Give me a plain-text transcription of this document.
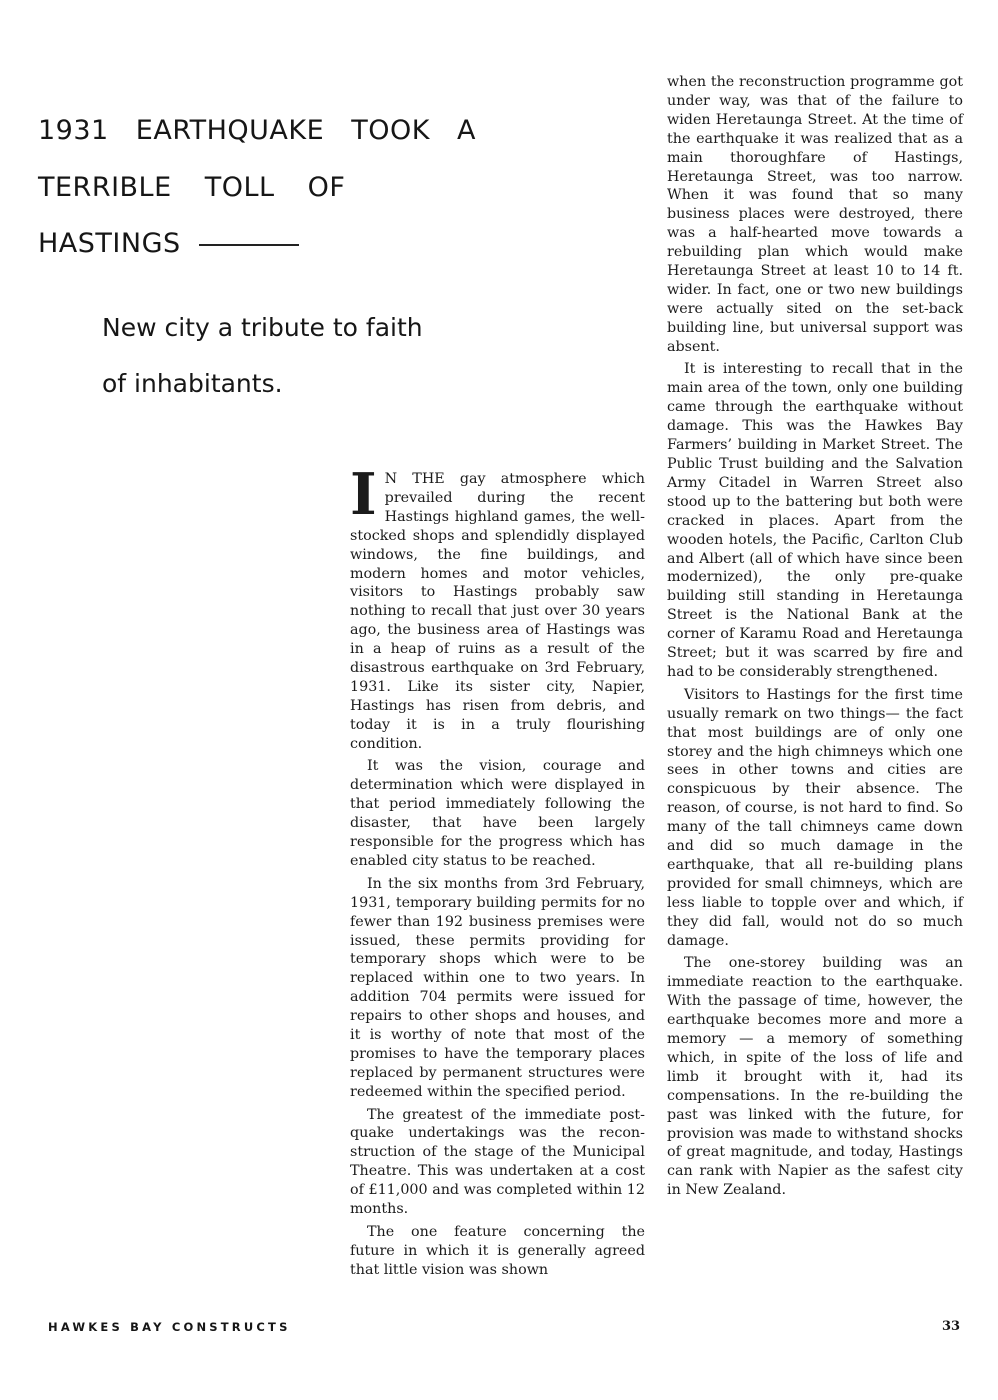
1931 EARTHQUAKE TOOK A
TERRIBLE TOLL OF
HASTINGS
New city a tribute to faith
of inhabitants.

I N THE gay atmosphere which prevailed during the recent Hastings highland games, the well-stocked shops and splendidly displayed windows, the fine buildings, and modern homes and motor vehicles, visitors to Hastings probably saw nothing to recall that just over 30 years ago, the business area of Hastings was in a heap of ruins as a result of the disastrous earthquake on 3rd February, 1931. Like its sister city, Napier, Hastings has risen from debris, and today it is in a truly flourishing condition.

It was the vision, courage and determination which were displayed in that period immediately following the disaster, that have been largely responsible for the progress which has enabled city status to be reached.

In the six months from 3rd February, 1931, temporary building permits for no fewer than 192 business premises were issued, these permits providing for temporary shops which were to be replaced within one to two years. In addition 704 permits were issued for repairs to other shops and houses, and it is worthy of note that most of the promises to have the temporary places replaced by permanent structures were redeemed within the specified period.

The greatest of the immediate post-quake undertakings was the reconstruction of the stage of the Municipal Theatre. This was undertaken at a cost of £11,000 and was completed within 12 months.

The one feature concerning the future in which it is generally agreed that little vision was shown

when the reconstruction programme got under way, was that of the failure to widen Heretaunga Street. At the time of the earthquake it was realized that as a main thoroughfare of Hastings, Heretaunga Street, was too narrow. When it was found that so many business places were destroyed, there was a half-hearted move towards a rebuilding plan which would make Heretaunga Street at least 10 to 14 ft. wider. In fact, one or two new buildings were actually sited on the set-back building line, but universal support was absent.

It is interesting to recall that in the main area of the town, only one building came through the earthquake without damage. This was the Hawkes Bay Farmers’ building in Market Street. The Public Trust building and the Salvation Army Citadel in Warren Street also stood up to the battering but both were cracked in places. Apart from the wooden hotels, the Pacific, Carlton Club and Albert (all of which have since been modernized), the only pre-quake building still standing in Heretaunga Street is the National Bank at the corner of Karamu Road and Heretaunga Street; but it was scarred by fire and had to be considerably strengthened.

Visitors to Hastings for the first time usually remark on two things— the fact that most buildings are of only one storey and the high chimneys which one sees in other towns and cities are conspicuous by their absence. The reason, of course, is not hard to find. So many of the tall chimneys came down and did so much damage in the earthquake, that all re-building plans provided for small chimneys, which are less liable to topple over and which, if they did fall, would not do so much damage.

The one-storey building was an immediate reaction to the earthquake. With the passage of time, however, the earthquake becomes more and more a memory — a memory of something which, in spite of the loss of life and limb it brought with it, had its compensations. In the re-building the past was linked with the future, for provision was made to withstand shocks of great magnitude, and today, Hastings can rank with Napier as the safest city in New Zealand.

HAWKES BAY CONSTRUCTS	33
